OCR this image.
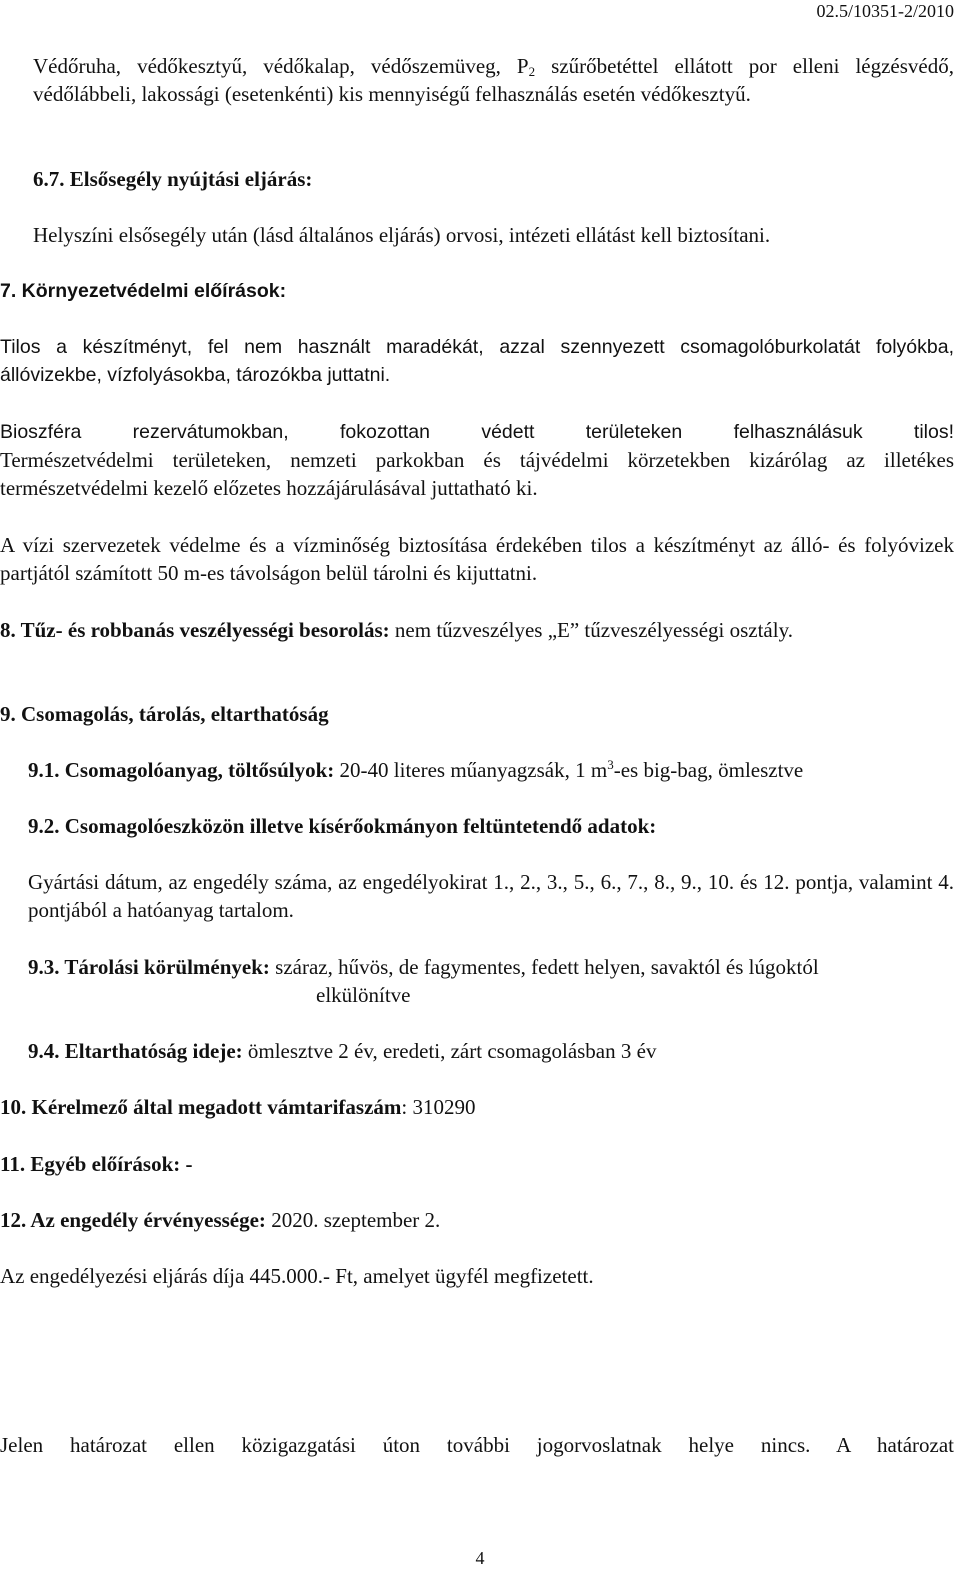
02.5/10351-2/2010
Védőruha, védőkesztyű, védőkalap, védőszemüveg, $P_2$ szűrőbetéttel ellátott por elleni légzésvédő, védőlábbeli, lakossági (esetenkénti) kis mennyiségű felhasználás esetén védőkesztyű.
6.7. Elsősegély nyújtási eljárás:
Helyszíni elsősegély után (lásd általános eljárás) orvosi, intézeti ellátást kell biztosítani.
7. Környezetvédelmi előírások:
Tilos a készítményt, fel nem használt maradékát, azzal szennyezett csomagolóburkolatát folyókba, állóvizekbe, vízfolyásokba, tározókba juttatni.
Bioszféra rezervátumokban, fokozottan védett területeken felhasználásuk tilos!
Természetvédelmi területeken, nemzeti parkokban és tájvédelmi körzetekben kizárólag az illetékes természetvédelmi kezelő előzetes hozzájárulásával juttatható ki.
A vízi szervezetek védelme és a vízminőség biztosítása érdekében tilos a készítményt az álló- és folyóvizek partjától számított 50 m-es távolságon belül tárolni és kijuttatni.
8. Tűz- és robbanás veszélyességi besorolás: nem tűzveszélyes „E” tűzveszélyességi osztály.
9. Csomagolás, tárolás, eltarthatóság
9.1. Csomagolóanyag, töltősúlyok: 20-40 literes műanyagzsák, 1 $m^3-es$ big-bag, ömlesztve
9.2. Csomagolóeszközön illetve kísérőokmányon feltüntetendő adatok:
Gyártási dátum, az engedély száma, az engedélyokirat 1., 2., 3., 5., 6., 7., 8., 9., 10. és 12. pontja, valamint 4. pontjából a hatóanyag tartalom.
9.3. Tárolási körülmények: száraz, hűvös, de fagymentes, fedett helyen, savaktól és lúgoktól
elkülönítve
9.4. Eltarthatóság ideje: ömlesztve 2 év, eredeti, zárt csomagolásban 3 év
10. Kérelmező által megadott vámtarifaszám: 310290
11. Egyéb előírások: -
12. Az engedély érvényessége: 2020. szeptember 2.
Az engedélyezési eljárás díja 445.000.- Ft, amelyet ügyfél megfizetett.
Jelen határozat ellen közigazgatási úton további jogorvoslatnak helye nincs. A határozat
4
